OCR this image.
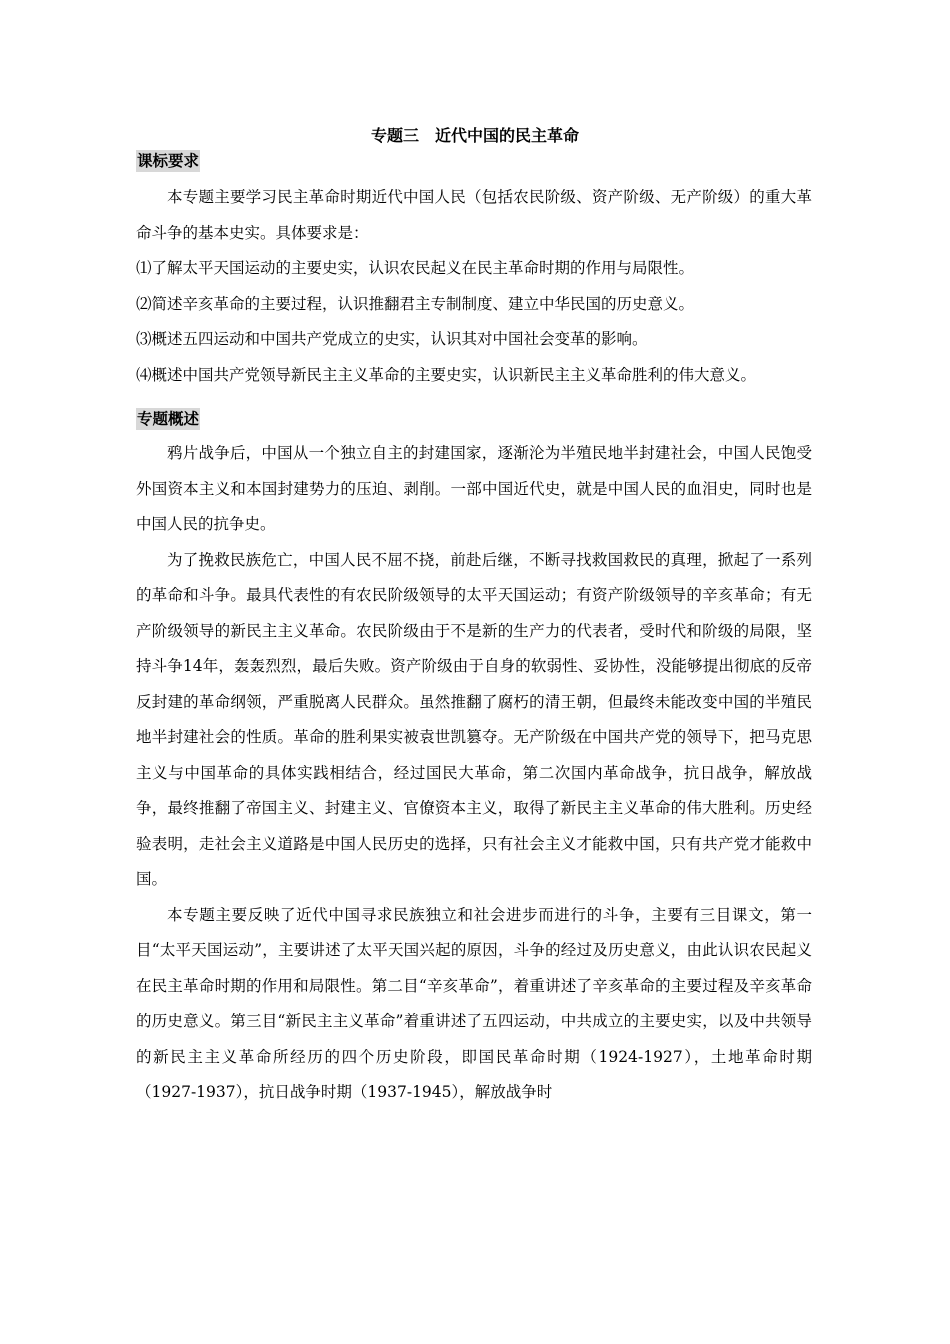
专题三　近代中国的民主革命
课标要求

本专题主要学习民主革命时期近代中国人民（包括农民阶级、资产阶级、无产阶级）的重大革命斗争的基本史实。具体要求是：

⑴了解太平天国运动的主要史实，认识农民起义在民主革命时期的作用与局限性。

⑵简述辛亥革命的主要过程，认识推翻君主专制制度、建立中华民国的历史意义。

⑶概述五四运动和中国共产党成立的史实，认识其对中国社会变革的影响。

⑷概述中国共产党领导新民主主义革命的主要史实，认识新民主主义革命胜利的伟大意义。

专题概述

鸦片战争后，中国从一个独立自主的封建国家，逐渐沦为半殖民地半封建社会，中国人民饱受外国资本主义和本国封建势力的压迫、剥削。一部中国近代史，就是中国人民的血泪史，同时也是中国人民的抗争史。

为了挽救民族危亡，中国人民不屈不挠，前赴后继，不断寻找救国救民的真理，掀起了一系列的革命和斗争。最具代表性的有农民阶级领导的太平天国运动；有资产阶级领导的辛亥革命；有无产阶级领导的新民主主义革命。农民阶级由于不是新的生产力的代表者，受时代和阶级的局限，坚持斗争14年，轰轰烈烈，最后失败。资产阶级由于自身的软弱性、妥协性，没能够提出彻底的反帝反封建的革命纲领，严重脱离人民群众。虽然推翻了腐朽的清王朝，但最终未能改变中国的半殖民地半封建社会的性质。革命的胜利果实被袁世凯篡夺。无产阶级在中国共产党的领导下，把马克思主义与中国革命的具体实践相结合，经过国民大革命，第二次国内革命战争，抗日战争，解放战争，最终推翻了帝国主义、封建主义、官僚资本主义，取得了新民主主义革命的伟大胜利。历史经验表明，走社会主义道路是中国人民历史的选择，只有社会主义才能救中国，只有共产党才能救中国。

本专题主要反映了近代中国寻求民族独立和社会进步而进行的斗争，主要有三目课文，第一目“太平天国运动”，主要讲述了太平天国兴起的原因，斗争的经过及历史意义，由此认识农民起义在民主革命时期的作用和局限性。第二目“辛亥革命”，着重讲述了辛亥革命的主要过程及辛亥革命的历史意义。第三目“新民主主义革命”着重讲述了五四运动，中共成立的主要史实，以及中共领导的新民主主义革命所经历的四个历史阶段，即国民革命时期（1924-1927），土地革命时期（1927-1937），抗日战争时期（1937-1945），解放战争时
